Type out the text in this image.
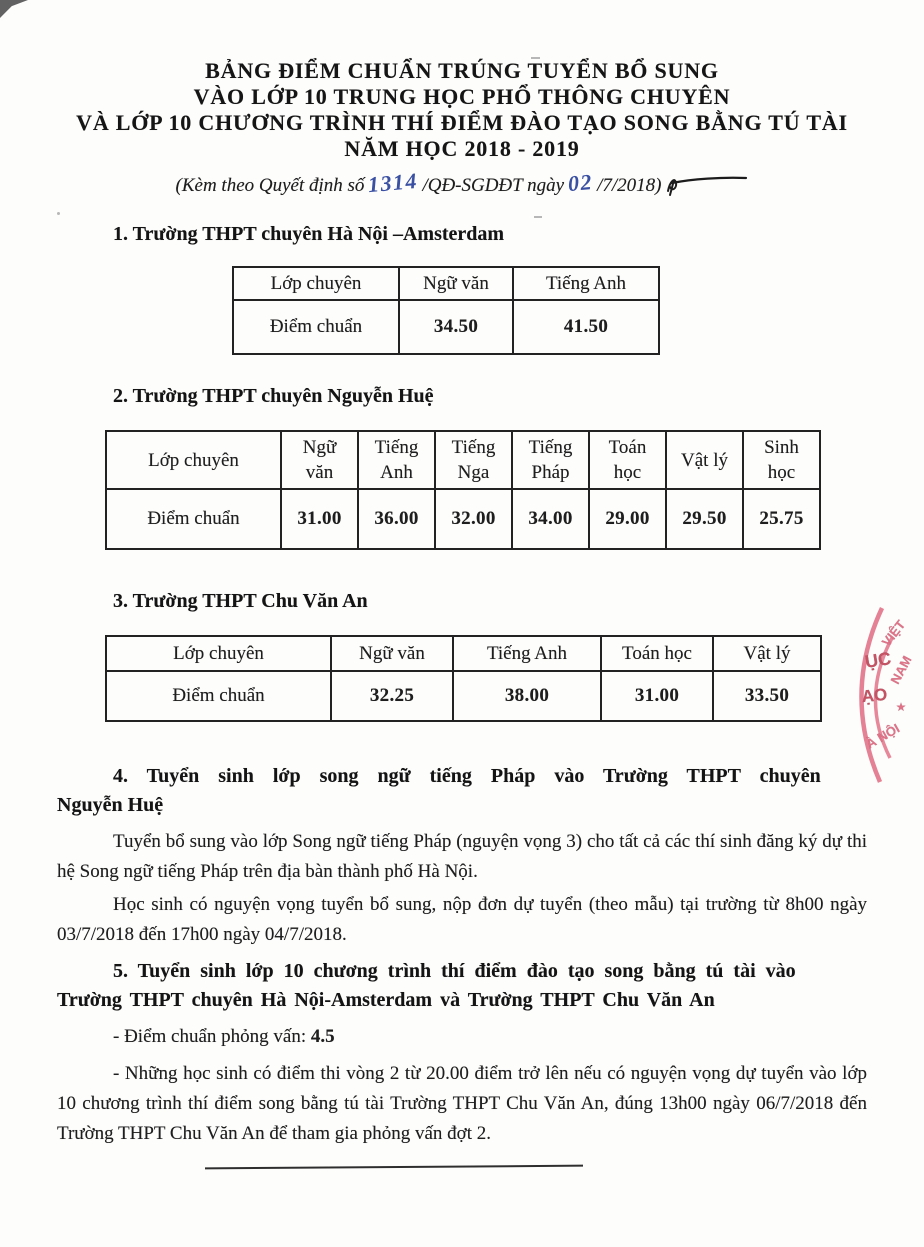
BẢNG ĐIỂM CHUẨN TRÚNG TUYỂN BỔ SUNG
VÀO LỚP 10 TRUNG HỌC PHỔ THÔNG CHUYÊN
VÀ LỚP 10 CHƯƠNG TRÌNH THÍ ĐIỂM ĐÀO TẠO SONG BẰNG TÚ TÀI
NĂM HỌC 2018 - 2019
(Kèm theo Quyết định số 1314 /QĐ-SGDĐT ngày 02 /7/2018)
1. Trường THPT chuyên Hà Nội –Amsterdam
Lớp chuyên	Ngữ văn	Tiếng Anh
Điểm chuẩn	34.50	41.50
2. Trường THPT chuyên Nguyễn Huệ
Lớp chuyên	Ngữ văn	Tiếng Anh	Tiếng Nga	Tiếng Pháp	Toán học	Vật lý	Sinh học
Điểm chuẩn	31.00	36.00	32.00	34.00	29.00	29.50	25.75
3. Trường THPT Chu Văn An
Lớp chuyên	Ngữ văn	Tiếng Anh	Toán học	Vật lý
Điểm chuẩn	32.25	38.00	31.00	33.50
4. Tuyển sinh lớp song ngữ tiếng Pháp vào Trường THPT chuyên
Nguyễn Huệ
Tuyển bổ sung vào lớp Song ngữ tiếng Pháp (nguyện vọng 3) cho tất cả các thí sinh đăng ký dự thi hệ Song ngữ tiếng Pháp trên địa bàn thành phố Hà Nội.
Học sinh có nguyện vọng tuyển bổ sung, nộp đơn dự tuyển (theo mẫu) tại trường từ 8h00 ngày 03/7/2018 đến 17h00 ngày 04/7/2018.
5. Tuyển sinh lớp 10 chương trình thí điểm đào tạo song bằng tú tài vào
Trường THPT chuyên Hà Nội-Amsterdam và Trường THPT Chu Văn An
- Điểm chuẩn phỏng vấn: 4.5
- Những học sinh có điểm thi vòng 2 từ 20.00 điểm trở lên nếu có nguyện vọng dự tuyển vào lớp 10 chương trình thí điểm song bằng tú tài Trường THPT Chu Văn An, đúng 13h00 ngày 06/7/2018 đến Trường THPT Chu Văn An để tham gia phỏng vấn đợt 2.
VIỆT
NAM
★
À NỘI
ỤC
ẠO
